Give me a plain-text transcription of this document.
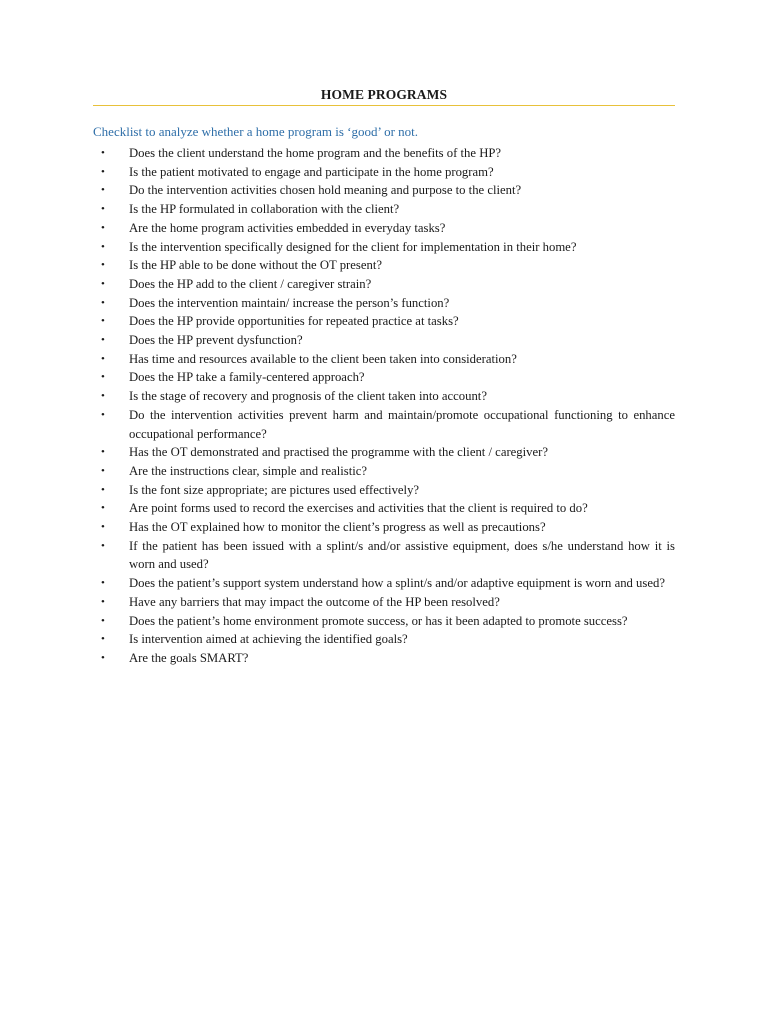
HOME PROGRAMS
Checklist to analyze whether a home program is ‘good’ or not.
• Does the client understand the home program and the benefits of the HP?
• Is the patient motivated to engage and participate in the home program?
• Do the intervention activities chosen hold meaning and purpose to the client?
• Is the HP formulated in collaboration with the client?
• Are the home program activities embedded in everyday tasks?
• Is the intervention specifically designed for the client for implementation in their home?
• Is the HP able to be done without the OT present?
• Does the HP add to the client / caregiver strain?
• Does the intervention maintain/ increase the person’s function?
• Does the HP provide opportunities for repeated practice at tasks?
• Does the HP prevent dysfunction?
• Has time and resources available to the client been taken into consideration?
• Does the HP take a family-centered approach?
• Is the stage of recovery and prognosis of the client taken into account?
• Do the intervention activities prevent harm and maintain/promote occupational functioning to enhance occupational performance?
• Has the OT demonstrated and practised the programme with the client / caregiver?
• Are the instructions clear, simple and realistic?
• Is the font size appropriate; are pictures used effectively?
• Are point forms used to record the exercises and activities that the client is required to do?
• Has the OT explained how to monitor the client’s progress as well as precautions?
• If the patient has been issued with a splint/s and/or assistive equipment, does s/he understand how it is worn and used?
• Does the patient’s support system understand how a splint/s and/or adaptive equipment is worn and used?
• Have any barriers that may impact the outcome of the HP been resolved?
• Does the patient’s home environment promote success, or has it been adapted to promote success?
• Is intervention aimed at achieving the identified goals?
• Are the goals SMART?
